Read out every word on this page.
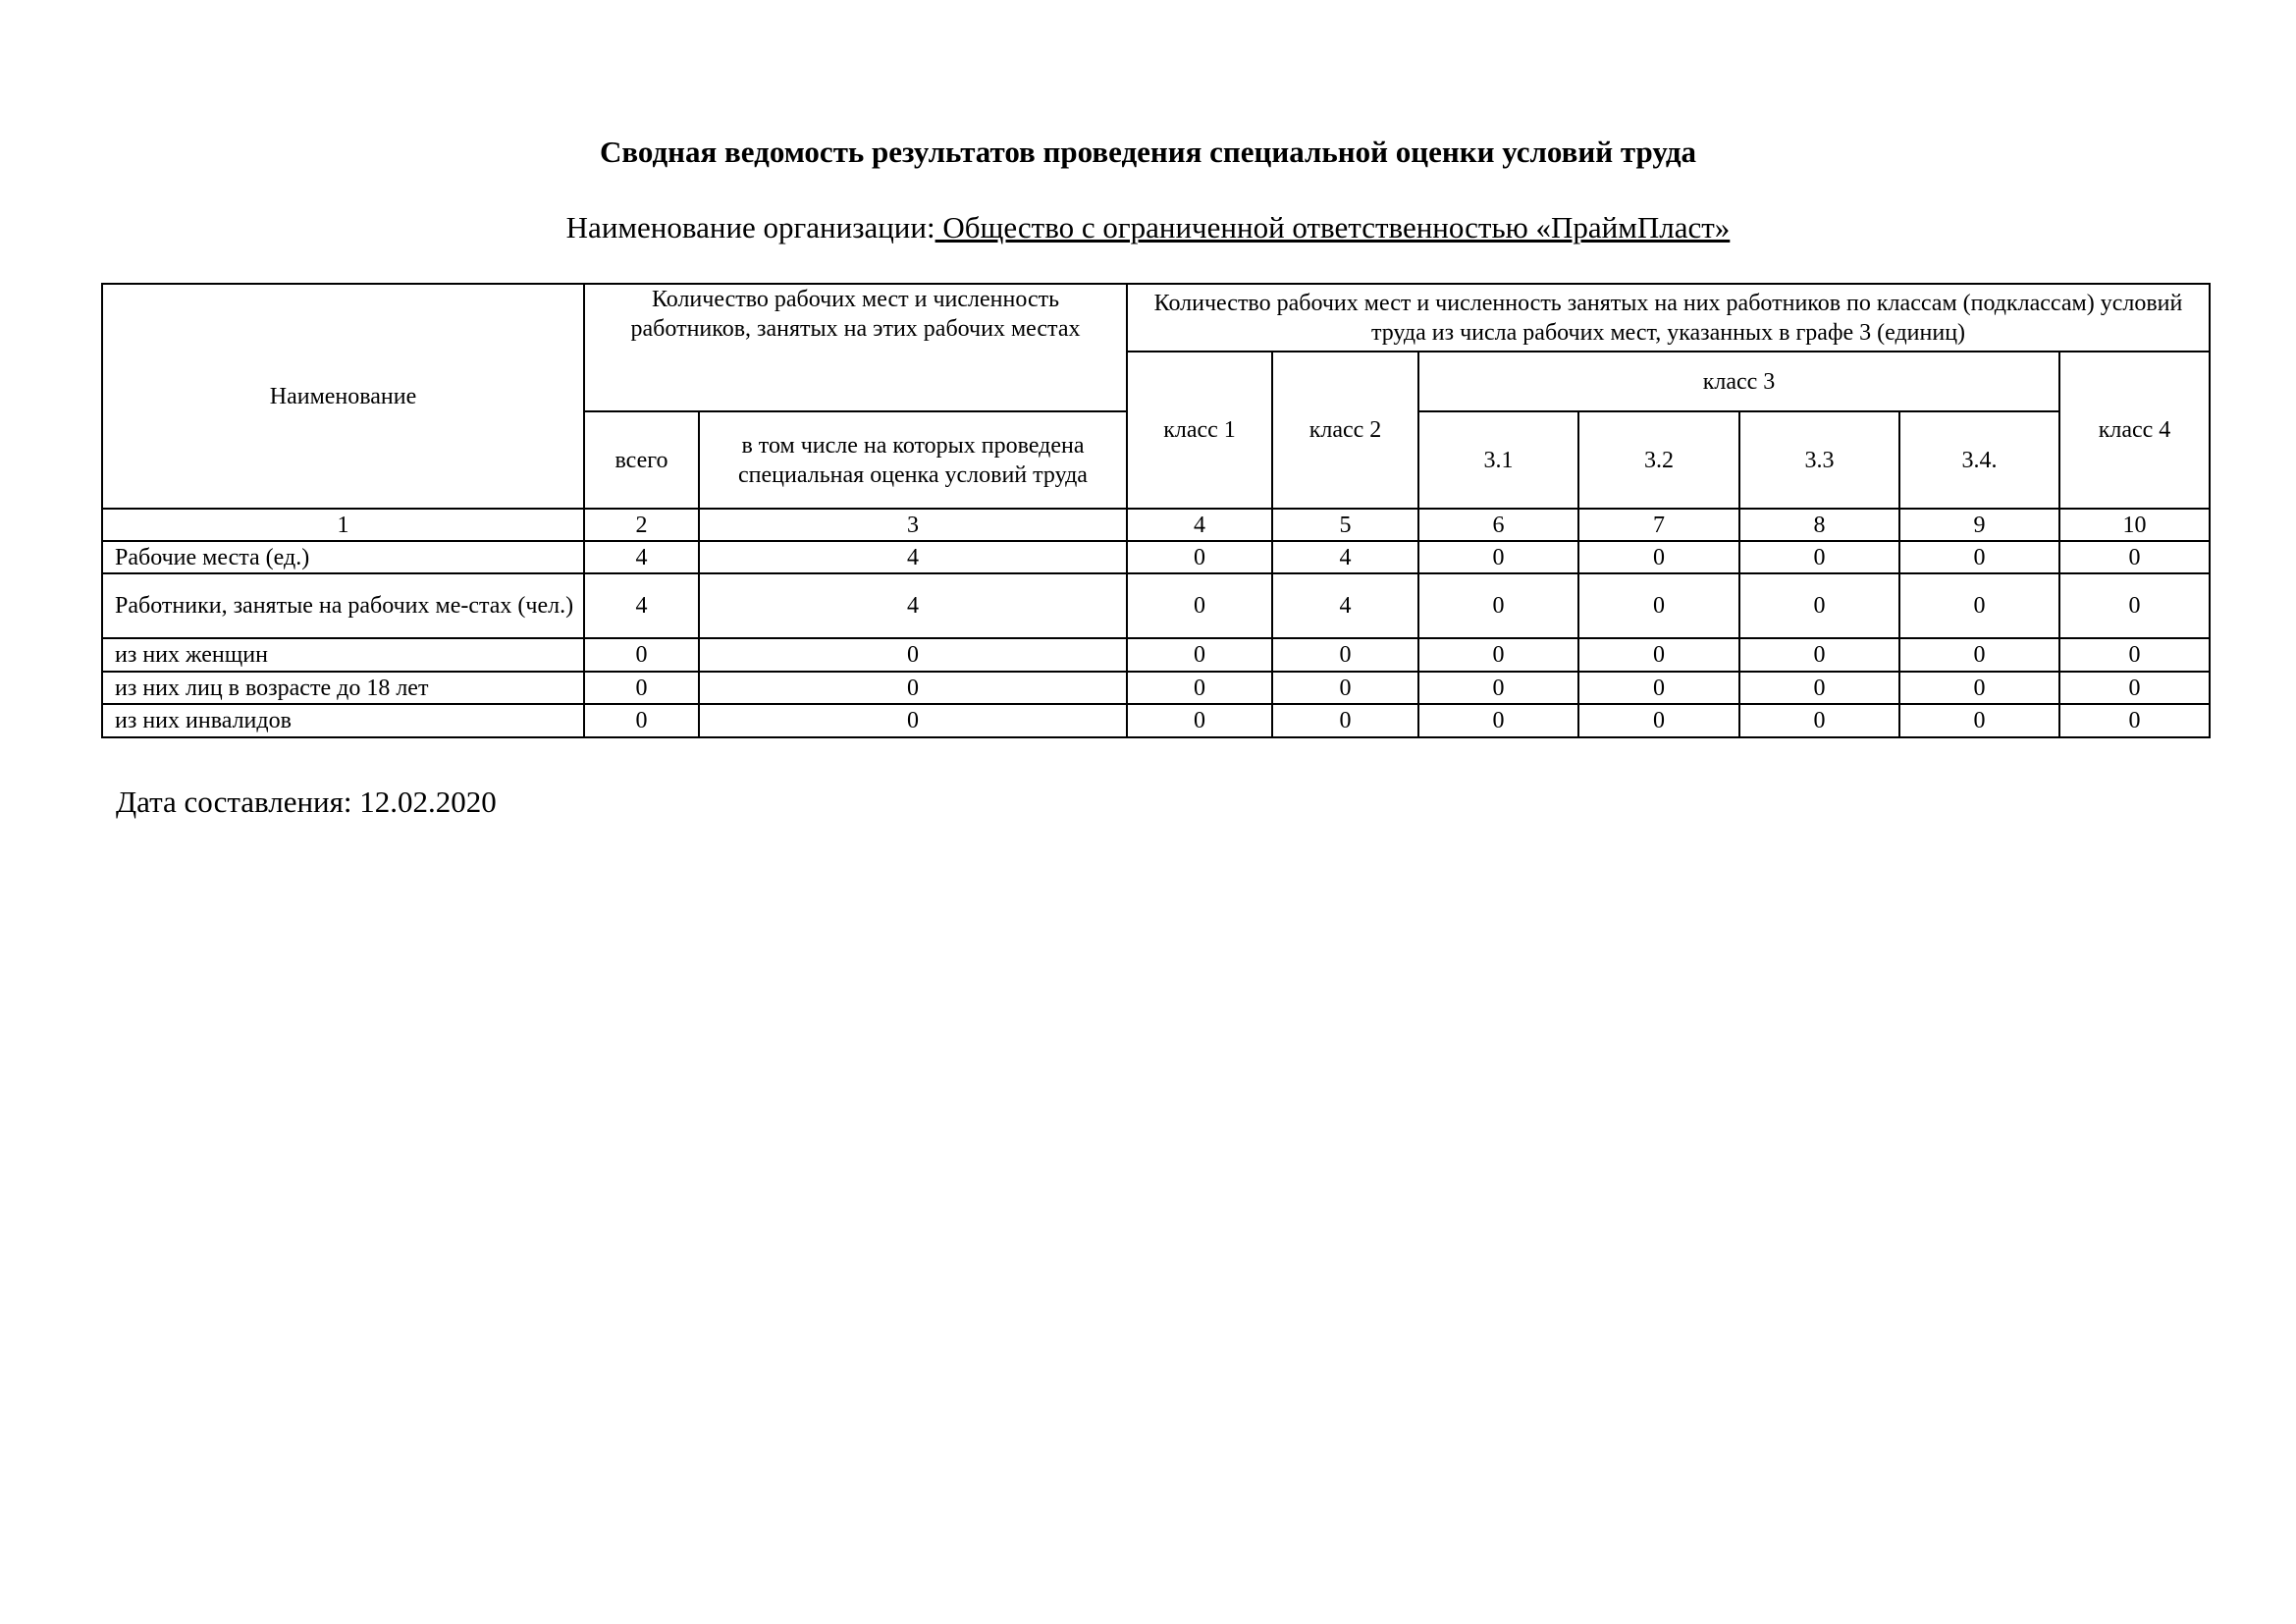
Сводная ведомость результатов проведения специальной оценки условий труда
Наименование организации: Общество с ограниченной ответственностью «ПраймПласт»
Наименование	Количество рабочих мест и численность работников, занятых на этих рабочих местах		Количество рабочих мест и численность занятых на них работников по классам (подклассам) условий труда из числа рабочих мест, указанных в графе 3 (единиц)						
			класс 1	класс 2	класс 3				класс 4
	всего	в том числе на которых проведена специальная оценка условий труда			3.1	3.2	3.3	3.4.	
1	2	3	4	5	6	7	8	9	10
Рабочие места (ед.)	4	4	0	4	0	0	0	0	0
Работники, занятые на рабочих ме-стах (чел.)	4	4	0	4	0	0	0	0	0
из них женщин	0	0	0	0	0	0	0	0	0
из них лиц в возрасте до 18 лет	0	0	0	0	0	0	0	0	0
из них инвалидов	0	0	0	0	0	0	0	0	0
Дата составления: 12.02.2020
